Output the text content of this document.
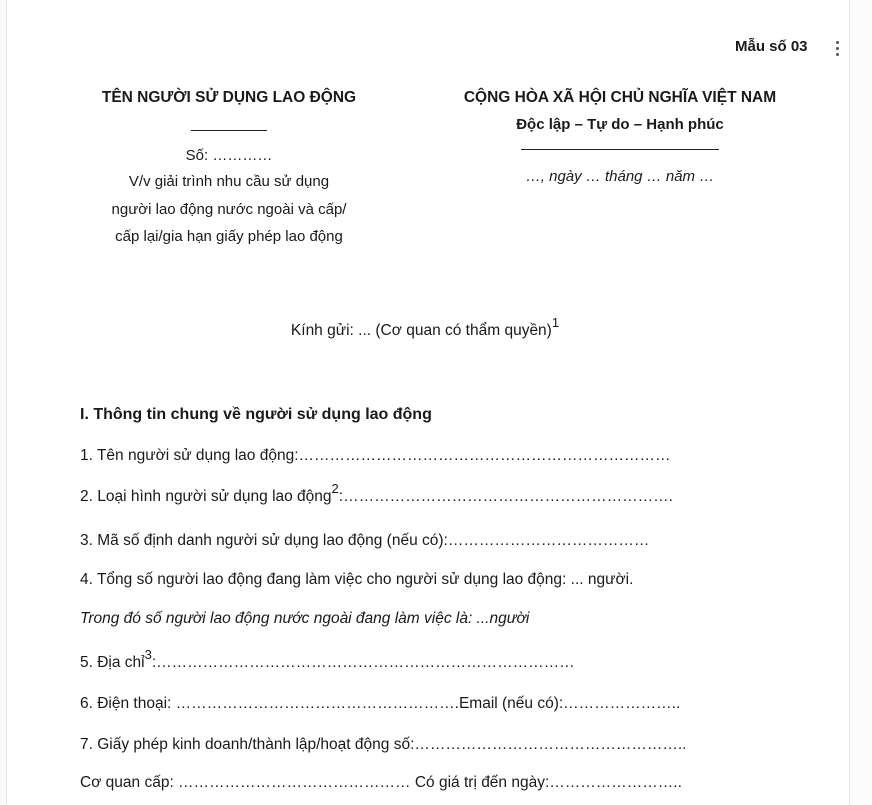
Mẫu số 03
TÊN NGƯỜI SỬ DỤNG LAO ĐỘNG
Số: …………
V/v giải trình nhu cầu sử dụng
người lao động nước ngoài và cấp/
cấp lại/gia hạn giấy phép lao động
CỘNG HÒA XÃ HỘI CHỦ NGHĨA VIỆT NAM
Độc lập – Tự do – Hạnh phúc
…, ngày … tháng … năm …
Kính gửi: ... (Cơ quan có thẩm quyền)$^1$
I. Thông tin chung về người sử dụng lao động
1. Tên người sử dụng lao động:………………………………………………………………
2. Loại hình người sử dụng lao động$^2$:……………………………………………………….
3. Mã số định danh người sử dụng lao động (nếu có):…………………………………
4. Tổng số người lao động đang làm việc cho người sử dụng lao động: ... người.
Trong đó số người lao động nước ngoài đang làm việc là: ...người
5. Địa chỉ$^3$:………………………………………………………………………
6. Điện thoại: ……………………………………………….Email (nếu có):…………………..
7. Giấy phép kinh doanh/thành lập/hoạt động số:……………………………………………..
Cơ quan cấp: ……………………………………… Có giá trị đến ngày:……………………..
